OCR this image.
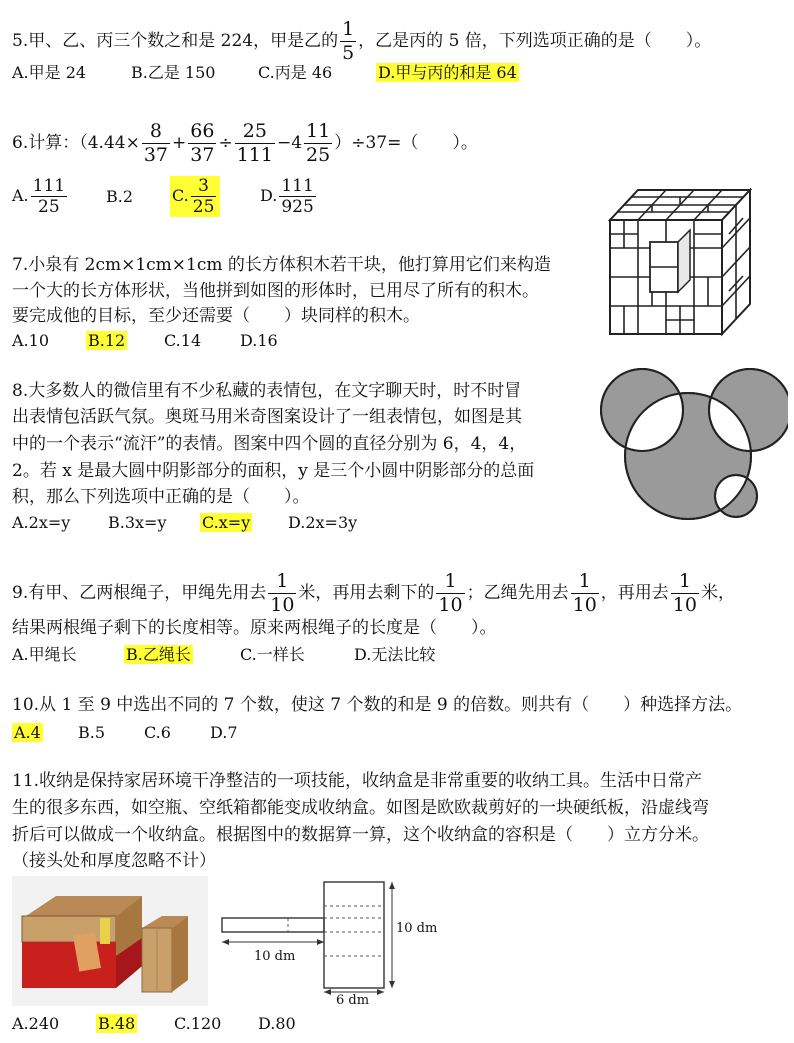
5.甲、乙、丙三个数之和是 224，甲是乙的 $\frac{1}{5}$ ，乙是丙的 5 倍，下列选项正确的是（　　）。
A.甲是 24	B.乙是 150	C.丙是 46	D.甲与丙的和是 64
6.计算：$(4.44\times \frac{8}{37} + \frac{66}{37} \div \frac{25}{111} -4 \frac{11}{25} )\div 37=$（　　）。
A. $\frac{111}{25} B.2$ C. $\frac{3}{25}$	D. $\frac{111}{925}$
7.小泉有 2cm×1cm×1cm 的长方体积木若干块，他打算用它们来构造
一个大的长方体形状，当他拼到如图的形体时，已用尽了所有的积木。
要完成他的目标，至少还需要（　　）块同样的积木。
A.10 B.12 C.14 D.16
8.大多数人的微信里有不少私藏的表情包，在文字聊天时，时不时冒
出表情包活跃气氛。奥斑马用米奇图案设计了一组表情包，如图是其
中的一个表示“流汗”的表情。图案中四个圆的直径分别为 6，4，4，
2。若 x 是最大圆中阴影部分的面积，y 是三个小圆中阴影部分的总面
积，那么下列选项中正确的是（　　）。
A.2x=y B.3x=y C.x=y D.2x=3y
9.有甲、乙两根绳子，甲绳先用去 $\frac{1}{10}$ 米，再用去剩下的 $\frac{1}{10}$ ；乙绳先用去 $\frac{1}{10}$ ，再用去 $\frac{1}{10}$ 米，
结果两根绳子剩下的长度相等。原来两根绳子的长度是（　　）。
A.甲绳长	B.乙绳长	C.一样长	D.无法比较
10.从 1 至 9 中选出不同的 7 个数，使这 7 个数的和是 9 的倍数。则共有（　　）种选择方法。
A.4 B.5 C.6 D.7
11.收纳是保持家居环境干净整洁的一项技能，收纳盒是非常重要的收纳工具。生活中日常产
生的很多东西，如空瓶、空纸箱都能变成收纳盒。如图是欧欧裁剪好的一块硬纸板，沿虚线弯
折后可以做成一个收纳盒。根据图中的数据算一算，这个收纳盒的容积是（　　）立方分米。
（接头处和厚度忽略不计）
10 dm
10 dm
6 dm
A.240 B.48 C.120 D.80
